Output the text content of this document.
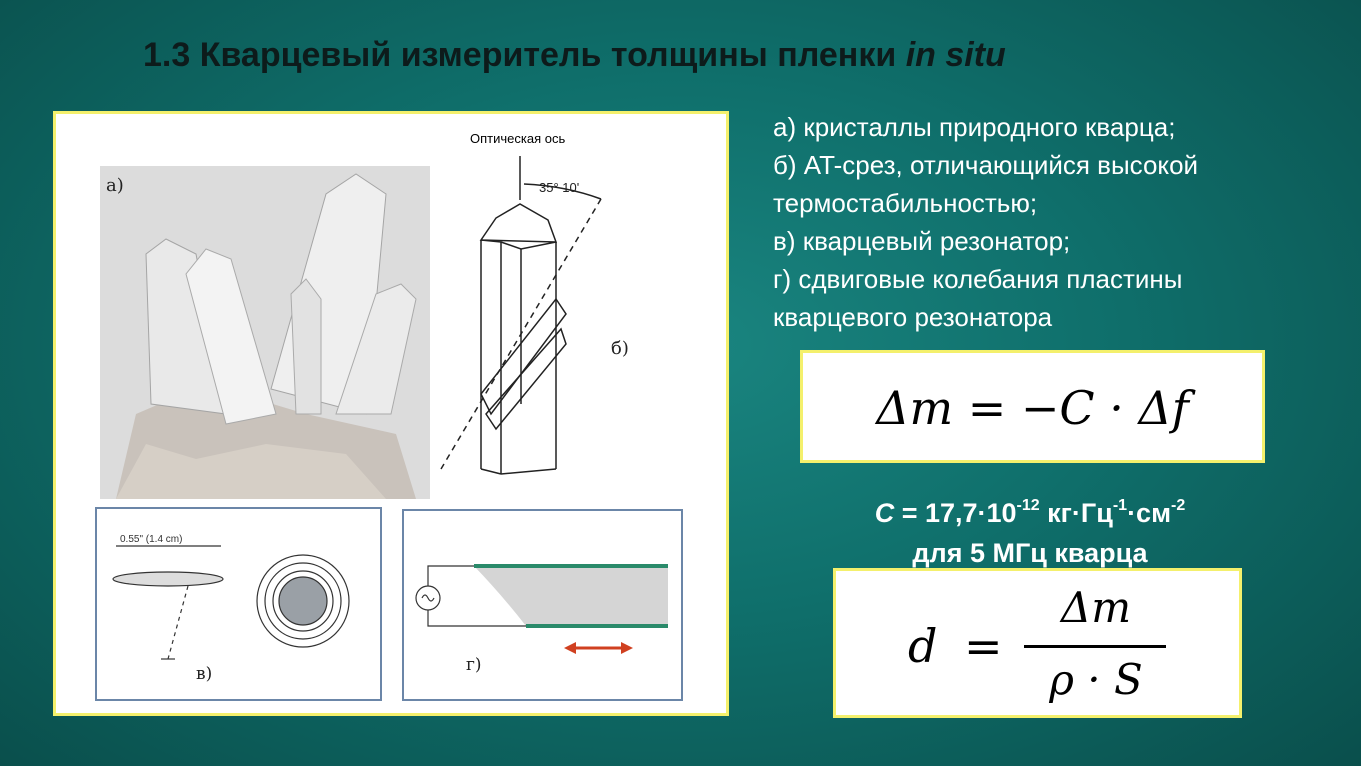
1.3 Кварцевый измеритель толщины пленки in situ
а)
Оптическая ось
35° 10'
б)
0.55" (1.4 cm)
в)	г)
а) кристаллы природного кварца;
б) AT-срез, отличающийся высокой
термостабильностью;
в) кварцевый резонатор;
г) сдвиговые колебания пластины
кварцевого резонатора
Δm = −C · Δf
$C = 17,7\cdot 10^{-12}$ $кг\cdot Гц^{-1}\cdot см^{-2}$
для 5 МГц кварца
d =
Δm
ρ · S
